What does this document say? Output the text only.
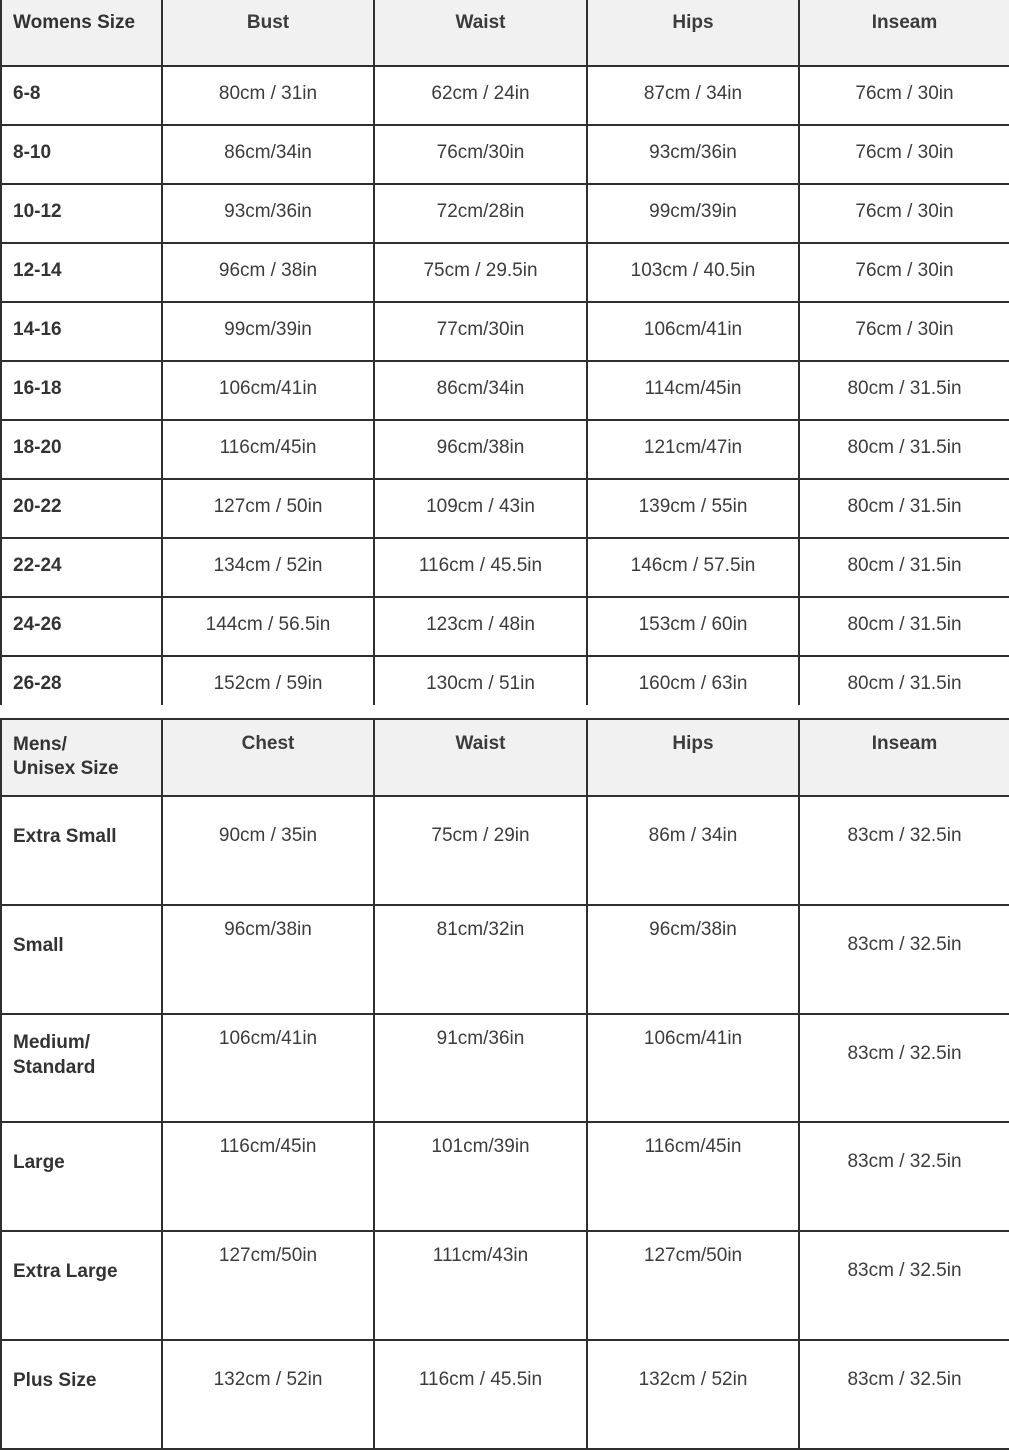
Womens Size	Bust	Waist	Hips	Inseam
6-8	80cm / 31in	62cm / 24in	87cm / 34in	76cm / 30in
8-10	86cm/34in	76cm/30in	93cm/36in	76cm / 30in
10-12	93cm/36in	72cm/28in	99cm/39in	76cm / 30in
12-14	96cm / 38in	75cm / 29.5in	103cm / 40.5in	76cm / 30in
14-16	99cm/39in	77cm/30in	106cm/41in	76cm / 30in
16-18	106cm/41in	86cm/34in	114cm/45in	80cm / 31.5in
18-20	116cm/45in	96cm/38in	121cm/47in	80cm / 31.5in
20-22	127cm / 50in	109cm / 43in	139cm / 55in	80cm / 31.5in
22-24	134cm / 52in	116cm / 45.5in	146cm / 57.5in	80cm / 31.5in
24-26	144cm / 56.5in	123cm / 48in	153cm / 60in	80cm / 31.5in
26-28	152cm / 59in	130cm / 51in	160cm / 63in	80cm / 31.5in
Mens/
Unisex Size	Chest	Waist	Hips	Inseam
Extra Small	90cm / 35in	75cm / 29in	86m / 34in	83cm / 32.5in
Small	96cm/38in	81cm/32in	96cm/38in	83cm / 32.5in
Medium/
Standard	106cm/41in	91cm/36in	106cm/41in	83cm / 32.5in
Large	116cm/45in	101cm/39in	116cm/45in	83cm / 32.5in
Extra Large	127cm/50in	111cm/43in	127cm/50in	83cm / 32.5in
Plus Size	132cm / 52in	116cm / 45.5in	132cm / 52in	83cm / 32.5in
